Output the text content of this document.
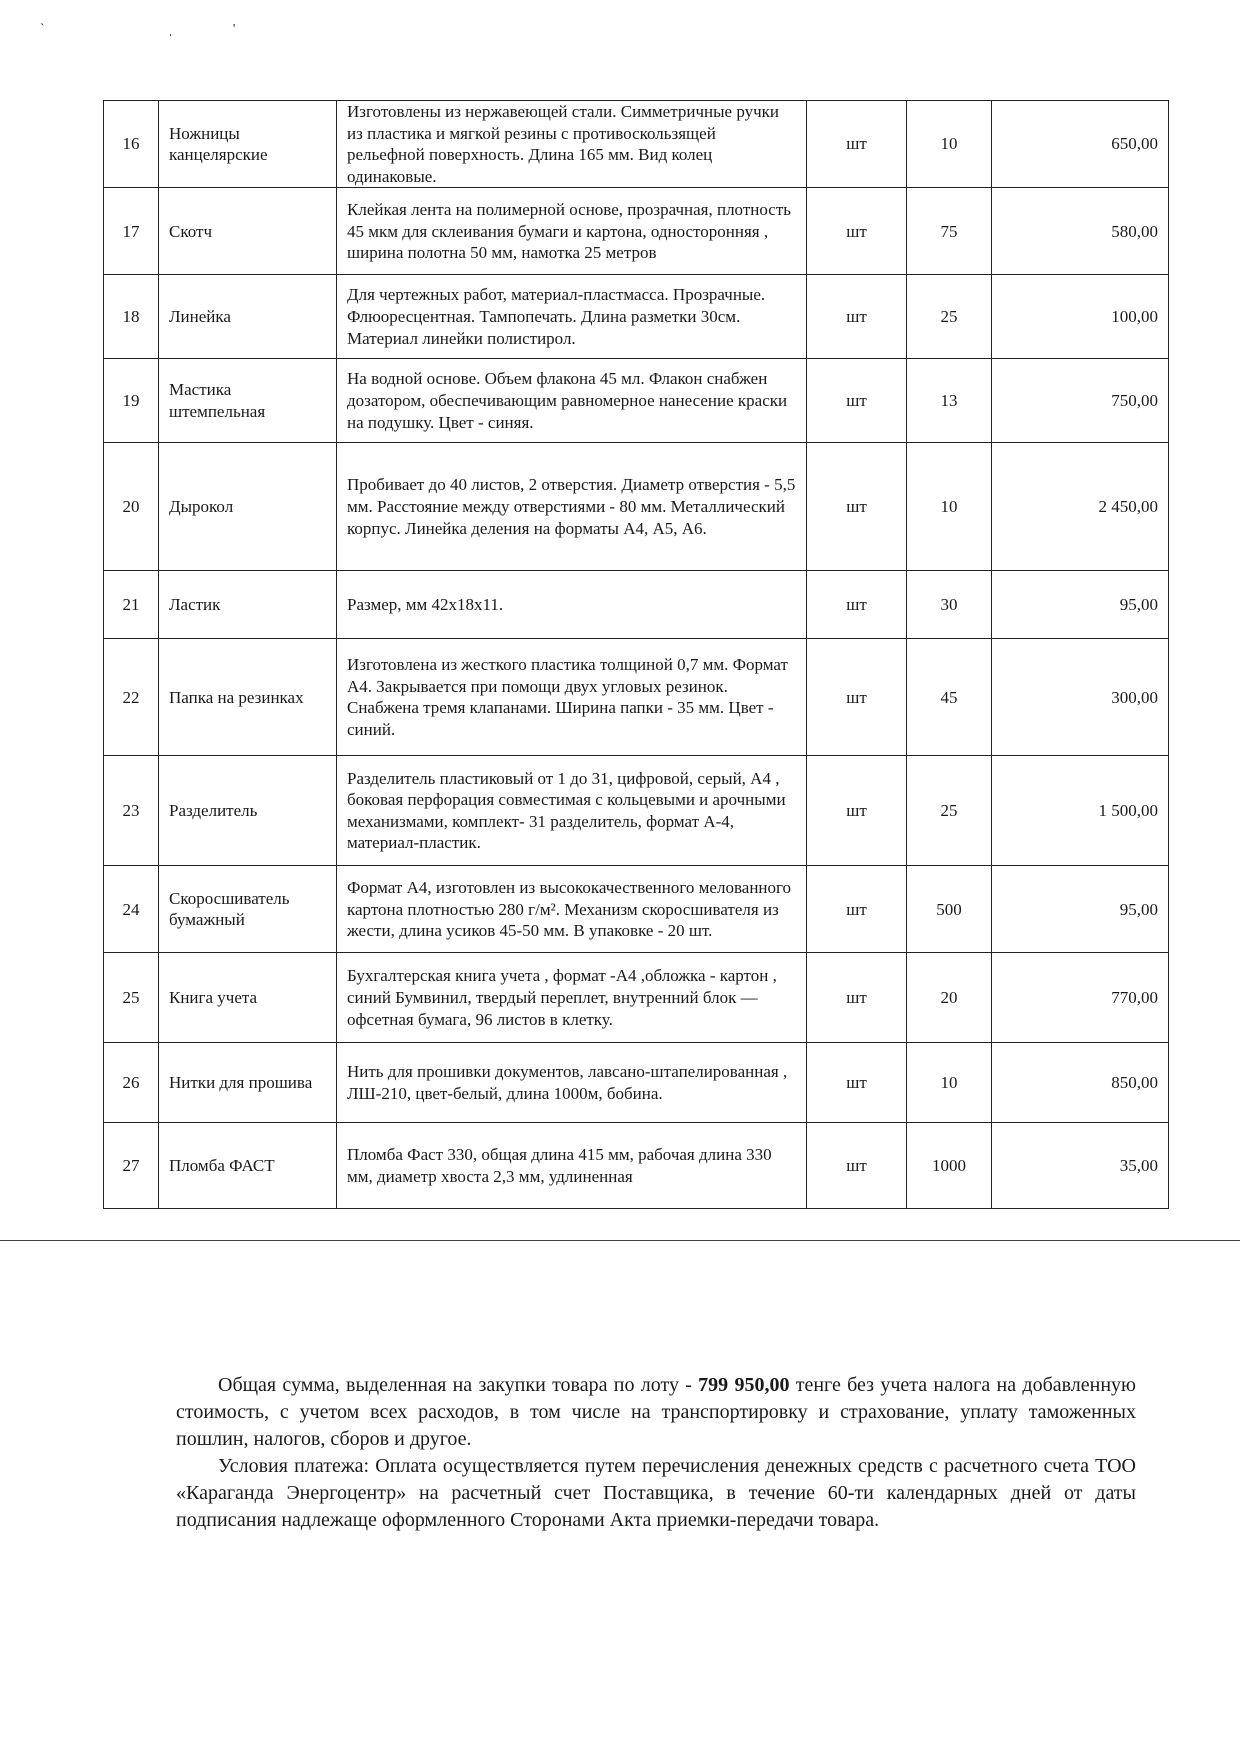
` ˌ'
16	Ножницы канцелярские	Изготовлены из нержавеющей стали. Симметричные ручки из пластика и мягкой резины с противоскользящей рельефной поверхность. Длина 165 мм. Вид колец одинаковые.	шт	10	650,00
17	Скотч	Клейкая лента на полимерной основе, прозрачная, плотность 45 мкм для склеивания бумаги и картона, односторонняя , ширина полотна 50 мм, намотка 25 метров	шт	75	580,00
18	Линейка	Для чертежных работ, материал-пластмасса. Прозрачные. Флюоресцентная. Тампопечать. Длина разметки 30см. Материал линейки полистирол.	шт	25	100,00
19	Мастика штемпельная	На водной основе. Объем флакона 45 мл. Флакон снабжен дозатором, обеспечивающим равномерное нанесение краски на подушку. Цвет - синяя.	шт	13	750,00
20	Дырокол	Пробивает до 40 листов, 2 отверстия. Диаметр отверстия - 5,5 мм. Расстояние между отверстиями - 80 мм. Металлический корпус. Линейка деления на форматы А4, А5, А6.	шт	10	2 450,00
21	Ластик	Размер, мм 42х18х11.	шт	30	95,00
22	Папка на резинках	Изготовлена из жесткого пластика толщиной 0,7 мм. Формат А4. Закрывается при помощи двух угловых резинок. Снабжена тремя клапанами. Ширина папки - 35 мм. Цвет - синий.	шт	45	300,00
23	Разделитель	Разделитель пластиковый от 1 до 31, цифровой, серый, А4 , боковая перфорация совместимая с кольцевыми и арочными механизмами, комплект- 31 разделитель, формат А-4, материал-пластик.	шт	25	1 500,00
24	Скоросшиватель бумажный	Формат А4, изготовлен из высококачественного мелованного картона плотностью 280 г/м². Механизм скоросшивателя из жести, длина усиков 45-50 мм. В упаковке - 20 шт.	шт	500	95,00
25	Книга учета	Бухгалтерская книга учета , формат -А4 ,обложка - картон , синий Бумвинил, твердый переплет, внутренний блок — офсетная бумага, 96 листов в клетку.	шт	20	770,00
26	Нитки для прошива	Нить для прошивки документов, лавсано-штапелированная , ЛШ-210, цвет-белый, длина 1000м, бобина.	шт	10	850,00
27	Пломба ФАСТ	Пломба Фаст 330, общая длина 415 мм, рабочая длина 330 мм, диаметр хвоста 2,3 мм, удлиненная	шт	1000	35,00

Общая сумма, выделенная на закупки товара по лоту - 799 950,00 тенге без учета налога на добавленную стоимость, с учетом всех расходов, в том числе на транспортировку и страхование, уплату таможенных пошлин, налогов, сборов и другое.

Условия платежа: Оплата осуществляется путем перечисления денежных средств с расчетного счета ТОО «Караганда Энергоцентр» на расчетный счет Поставщика, в течение 60-ти календарных дней от даты подписания надлежаще оформленного Сторонами Акта приемки-передачи товара.
